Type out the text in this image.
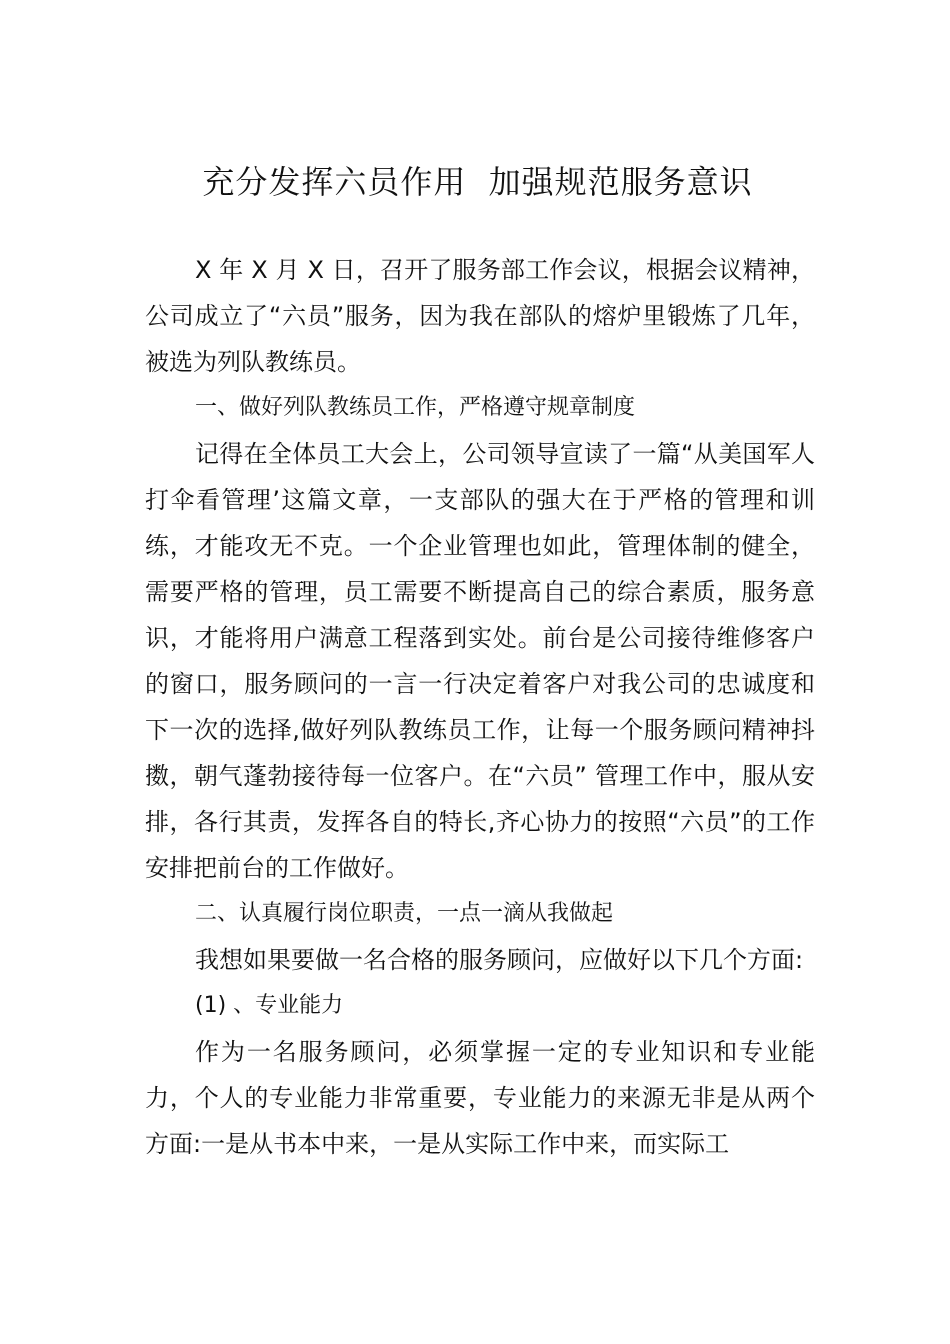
充分发挥六员作用  加强规范服务意识

X 年 X 月 X 日，召开了服务部工作会议，根据会议精神，公司成立了“六员”服务，因为我在部队的熔炉里锻炼了几年，被选为列队教练员。

一、做好列队教练员工作，严格遵守规章制度

记得在全体员工大会上，公司领导宣读了一篇“从美国军人打伞看管理’这篇文章，一支部队的强大在于严格的管理和训练，才能攻无不克。一个企业管理也如此，管理体制的健全，需要严格的管理，员工需要不断提高自己的综合素质，服务意识，才能将用户满意工程落到实处。前台是公司接待维修客户的窗口，服务顾问的一言一行决定着客户对我公司的忠诚度和下一次的选择,做好列队教练员工作，让每一个服务顾问精神抖擞，朝气蓬勃接待每一位客户。在“六员” 管理工作中，服从安排，各行其责，发挥各自的特长,齐心协力的按照“六员”的工作安排把前台的工作做好。

二、认真履行岗位职责，一点一滴从我做起

我想如果要做一名合格的服务顾问，应做好以下几个方面:

(1) 、专业能力

作为一名服务顾问，必须掌握一定的专业知识和专业能力，个人的专业能力非常重要，专业能力的来源无非是从两个方面:一是从书本中来，一是从实际工作中来，而实际工
